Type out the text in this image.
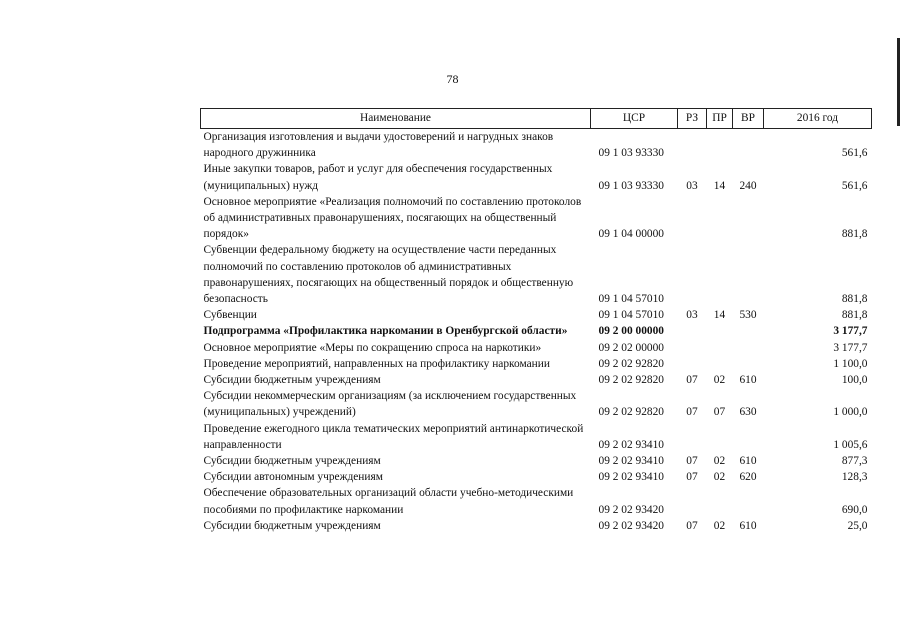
78
Наименование	ЦСР	РЗ	ПР	ВР	2016 год
Организация изготовления и выдачи удостоверений и нагрудных знаков народного дружинника	09 1 03 93330				561,6
Иные закупки товаров, работ и услуг для обеспечения государственных (муниципальных) нужд	09 1 03 93330	03	14	240	561,6
Основное мероприятие «Реализация полномочий по составлению протоколов об административных правонарушениях, посягающих на общественный порядок»	09 1 04 00000				881,8
Субвенции федеральному бюджету на осуществление части переданных полномочий по составлению протоколов об административных правонарушениях, посягающих на общественный порядок и общественную безопасность	09 1 04 57010				881,8
Субвенции	09 1 04 57010	03	14	530	881,8
Подпрограмма «Профилактика наркомании в Оренбургской области»	09 2 00 00000				3 177,7
Основное мероприятие «Меры по сокращению спроса на наркотики»	09 2 02 00000				3 177,7
Проведение мероприятий, направленных на профилактику наркомании	09 2 02 92820				1 100,0
Субсидии бюджетным учреждениям	09 2 02 92820	07	02	610	100,0
Субсидии некоммерческим организациям (за исключением государственных (муниципальных) учреждений)	09 2 02 92820	07	07	630	1 000,0
Проведение ежегодного цикла тематических мероприятий антинаркотической направленности	09 2 02 93410				1 005,6
Субсидии бюджетным учреждениям	09 2 02 93410	07	02	610	877,3
Субсидии автономным учреждениям	09 2 02 93410	07	02	620	128,3
Обеспечение образовательных организаций области учебно-методическими пособиями по профилактике наркомании	09 2 02 93420				690,0
Субсидии бюджетным учреждениям	09 2 02 93420	07	02	610	25,0
